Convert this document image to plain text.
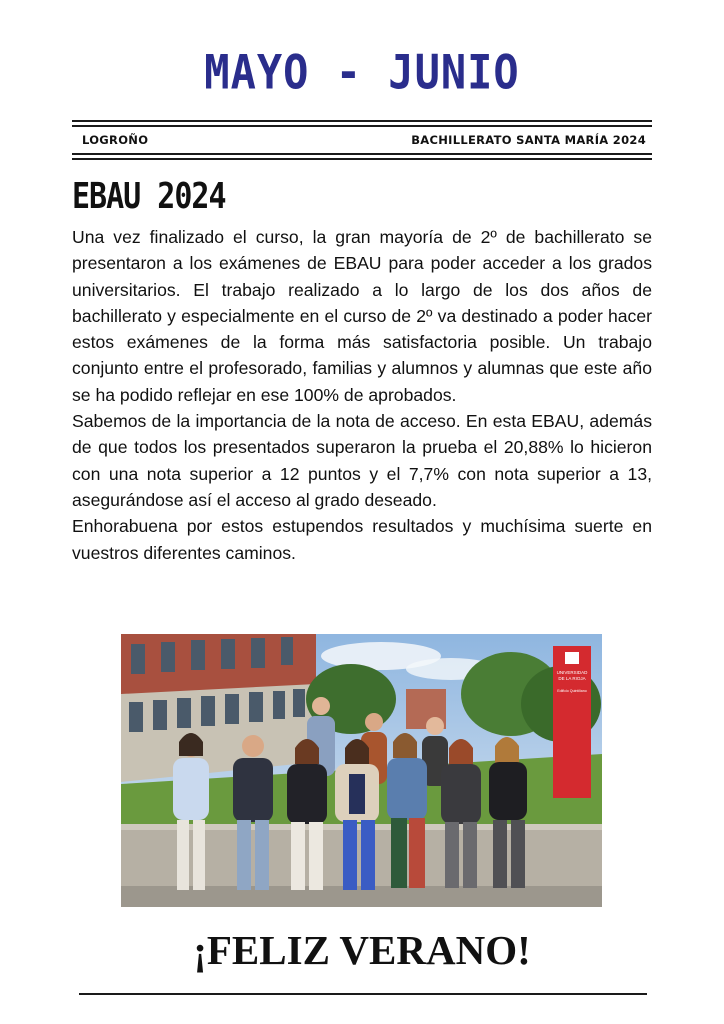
MAYO - JUNIO
LOGROÑO	BACHILLERATO SANTA MARÍA 2024
EBAU 2024

Una vez finalizado el curso, la gran mayoría de 2º de bachillerato se presentaron a los exámenes de EBAU para poder acceder a los grados universitarios. El trabajo realizado a lo largo de los dos años de bachillerato y especialmente en el curso de 2º va destinado a poder hacer estos exámenes de la forma más satisfactoria posible. Un trabajo conjunto entre el profesorado, familias y alumnos y alumnas que este año se ha podido reflejar en ese 100% de aprobados.

Sabemos de la importancia de la nota de acceso. En esta EBAU, además de que todos los presentados superaron la prueba el 20,88% lo hicieron con una nota superior a 12 puntos y el 7,7% con nota superior a 13, asegurándose así el acceso al grado deseado.

Enhorabuena por estos estupendos resultados y muchísima suerte en vuestros diferentes caminos.

UNIVERSIDAD
DE LA RIOJA
Edificio Quintiliano
¡FELIZ VERANO!
